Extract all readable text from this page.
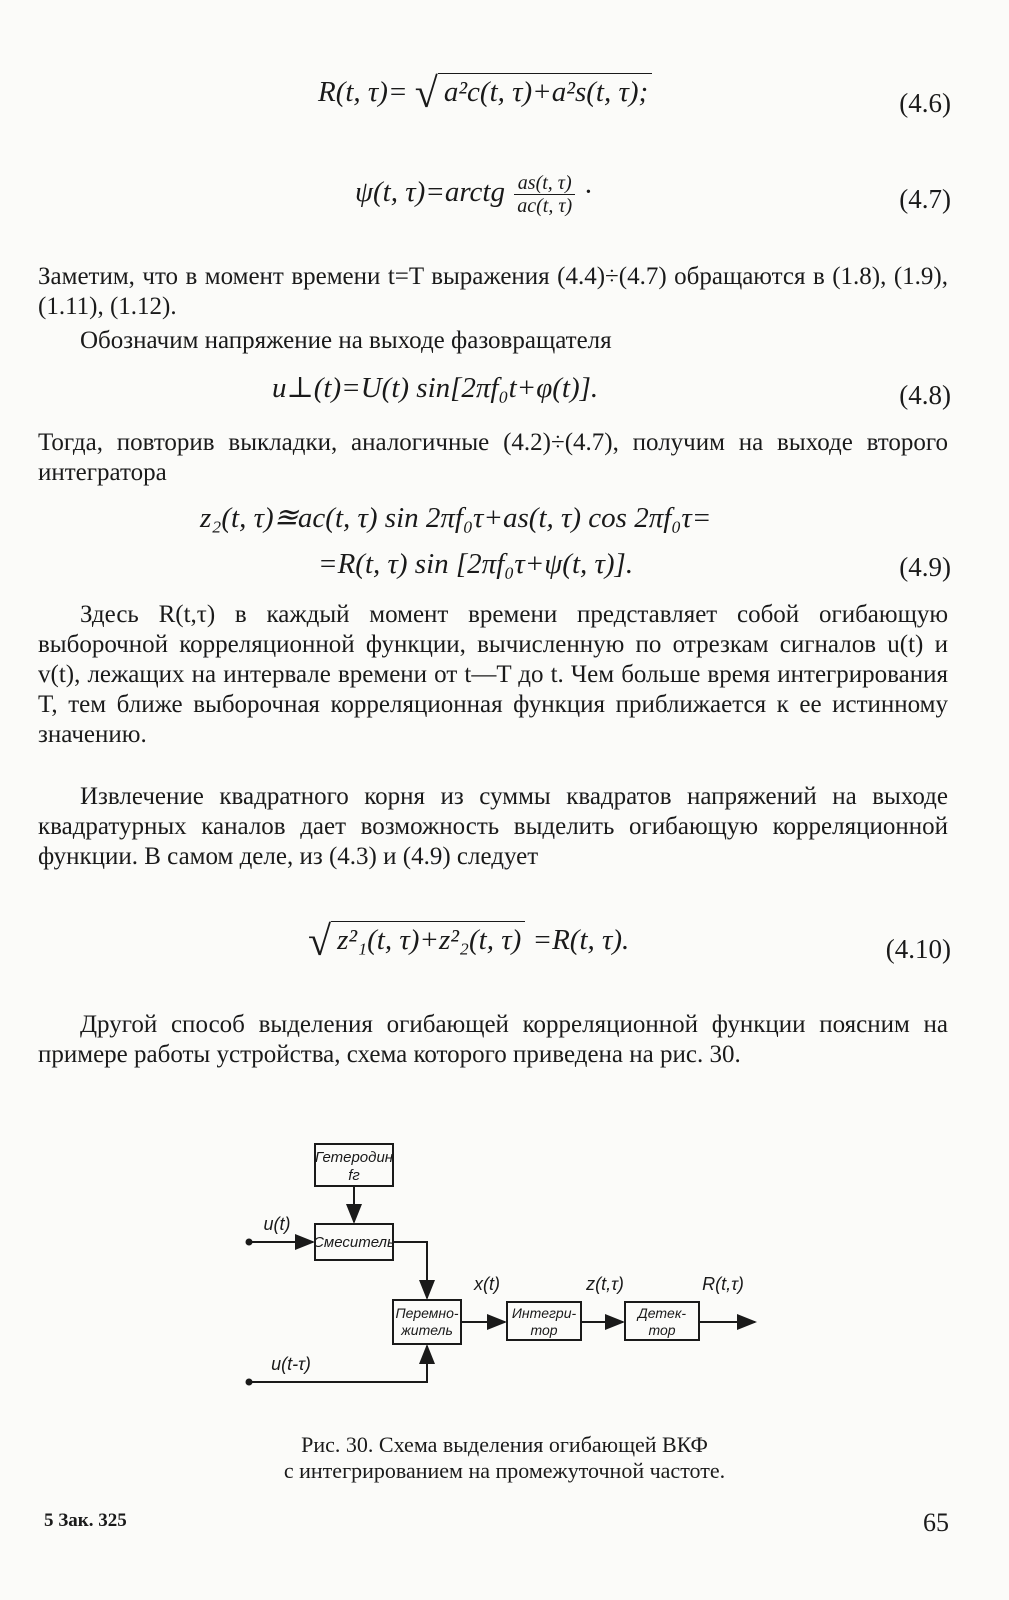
R(t, τ)= √ a²c(t, τ)+a²s(t, τ);	(4.6)
ψ(t, τ)=arctg $\frac{as(t, \tau)}{ac(t, \tau)}$ ·	(4.7)
Заметим, что в момент времени t=T выражения (4.4)÷(4.7) обращаются в (1.8), (1.9), (1.11), (1.12).
Обозначим напряжение на выходе фазовращателя
u⊥(t)=U(t) sin[2πf₀t+φ(t)].	(4.8)
Тогда, повторив выкладки, аналогичные (4.2)÷(4.7), получим на выходе второго интегратора
z₂(t, τ)≊ac(t, τ) sin 2πf₀τ+as(t, τ) cos 2πf₀τ=
=R(t, τ) sin [2πf₀τ+ψ(t, τ)].	(4.9)
Здесь R(t,τ) в каждый момент времени представляет собой огибающую выборочной корреляционной функции, вычисленную по отрезкам сигналов u(t) и v(t), лежащих на интервале времени от t—T до t. Чем больше время интегрирования T, тем ближе выборочная корреляционная функция приближается к ее истинному значению.
Извлечение квадратного корня из суммы квадратов напряжений на выходе квадратурных каналов дает возможность выделить огибающую корреляционной функции. В самом деле, из (4.3) и (4.9) следует
√ z²₁(t, τ)+z²₂(t, τ) =R(t, τ).	(4.10)
Другой способ выделения огибающей корреляционной функции поясним на примере работы устройства, схема которого приведена на рис. 30.
Гетеродин
fг
Смеситель
Перемно-
житель
Интегри-
тор
Детек-
тор
u(t)
u(t-τ)
x(t)	z(t,τ)	R(t,τ)
Рис. 30. Схема выделения огибающей ВКФ
с интегрированием на промежуточной частоте.
5 Зак. 325	65
